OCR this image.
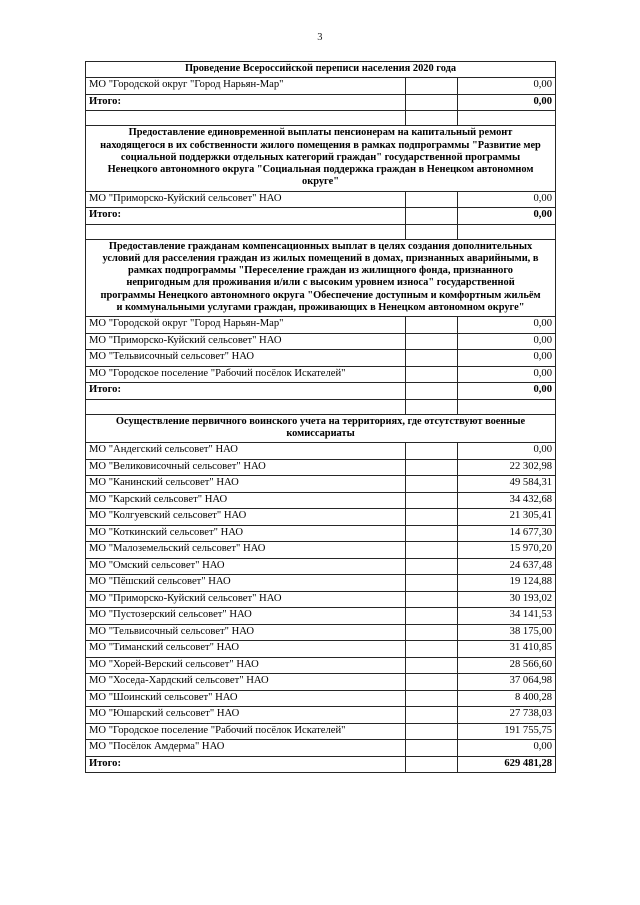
3
Проведение Всероссийской переписи населения 2020 года		

МО "Городской округ "Город Нарьян-Мар"		0,00
Итого:		0,00

Предоставление единовременной выплаты пенсионерам на капитальный ремонт
находящегося в их собственности жилого помещения в рамках подпрограммы "Развитие мер
социальной поддержки отдельных категорий граждан" государственной программы
Ненецкого автономного округа "Социальная поддержка граждан в Ненецком автономном
округе"		

МО "Приморско-Куйский сельсовет" НАО		0,00
Итого:		0,00

Предоставление гражданам компенсационных выплат в целях создания дополнительных
условий для расселения граждан из жилых помещений в домах, признанных аварийными, в
рамках подпрограммы "Переселение граждан из жилищного фонда, признанного
непригодным для проживания и/или с высоким уровнем износа" государственной
программы Ненецкого автономного округа "Обеспечение доступным и комфортным жильём
и коммунальными услугами граждан, проживающих в Ненецком автономном округе"

МО "Городской округ "Город Нарьян-Мар"		0,00
МО "Приморско-Куйский сельсовет" НАО		0,00
МО "Тельвисочный сельсовет" НАО		0,00
МО "Городское поселение "Рабочий посёлок Искателей"		0,00
Итого:		0,00

Осуществление первичного воинского учета на территориях, где отсутствуют военные
комиссариаты		

МО "Андегский сельсовет" НАО		0,00
МО "Великовисочный сельсовет" НАО		22 302,98
МО "Канинский сельсовет" НАО		49 584,31
МО "Карский сельсовет" НАО		34 432,68
МО "Колгуевский сельсовет" НАО		21 305,41
МО "Коткинский сельсовет" НАО		14 677,30
МО "Малоземельский сельсовет" НАО		15 970,20
МО "Омский сельсовет" НАО		24 637,48
МО "Пёшский сельсовет" НАО		19 124,88
МО "Приморско-Куйский сельсовет" НАО		30 193,02
МО "Пустозерский сельсовет" НАО		34 141,53
МО "Тельвисочный сельсовет" НАО		38 175,00
МО "Тиманский сельсовет" НАО		31 410,85
МО "Хорей-Верский сельсовет" НАО		28 566,60
МО "Хоседа-Хардский сельсовет" НАО		37 064,98
МО "Шоинский сельсовет" НАО		8 400,28
МО "Юшарский сельсовет" НАО		27 738,03
МО "Городское поселение "Рабочий посёлок Искателей"		191 755,75
МО "Посёлок Амдерма" НАО		0,00
Итого:		629 481,28
